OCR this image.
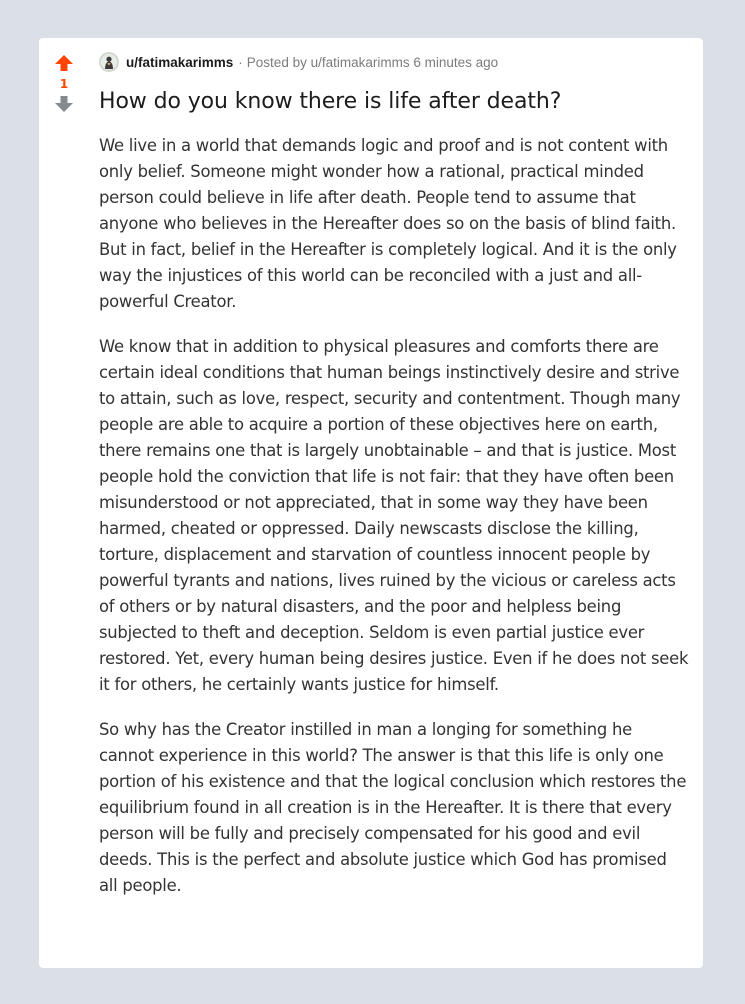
1
u/fatimakarimms · Posted by
u/fatimakarimms
6 minutes ago
How do you know there is life after death?

We live in a world that demands logic and proof and is not content with only belief. Someone might wonder how a rational, practical minded person could believe in life after death. People tend to assume that anyone who believes in the Hereafter does so on the basis of blind faith. But in fact, belief in the Hereafter is completely logical. And it is the only way the injustices of this world can be reconciled with a just and all-powerful Creator.

We know that in addition to physical pleasures and comforts there are certain ideal conditions that human beings instinctively desire and strive to attain, such as love, respect, security and contentment. Though many people are able to acquire a portion of these objectives here on earth, there remains one that is largely unobtainable – and that is justice. Most people hold the conviction that life is not fair: that they have often been misunderstood or not appreciated, that in some way they have been harmed, cheated or oppressed. Daily newscasts disclose the killing, torture, displacement and starvation of countless innocent people by powerful tyrants and nations, lives ruined by the vicious or careless acts of others or by natural disasters, and the poor and helpless being subjected to theft and deception. Seldom is even partial justice ever restored. Yet, every human being desires justice. Even if he does not seek it for others, he certainly wants justice for himself.

So why has the Creator instilled in man a longing for something he cannot experience in this world? The answer is that this life is only one portion of his existence and that the logical conclusion which restores the equilibrium found in all creation is in the Hereafter. It is there that every person will be fully and precisely compensated for his good and evil deeds. This is the perfect and absolute justice which God has promised all people.
